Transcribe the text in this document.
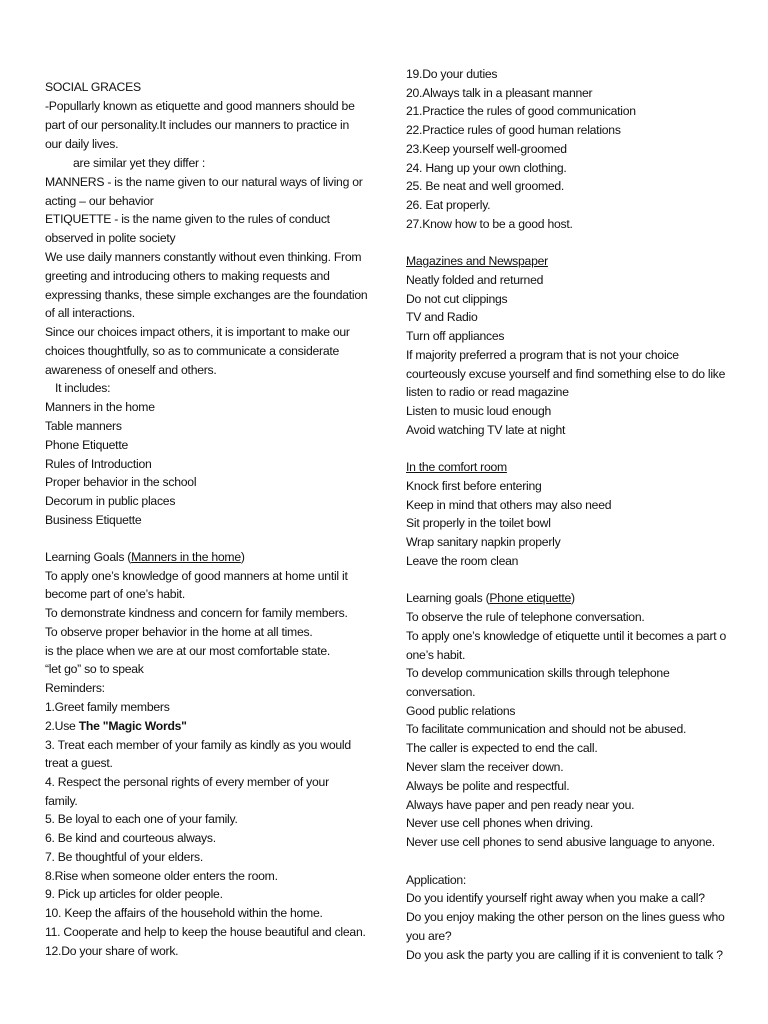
SOCIAL GRACES
-Popullarly known as etiquette and good manners should be
part of our personality.It includes our manners to practice in
our daily lives.
are similar yet they differ :
MANNERS - is the name given to our natural ways of living or
acting – our behavior
ETIQUETTE - is the name given to the rules of conduct
observed in polite society
We use daily manners constantly without even thinking. From
greeting and introducing others to making requests and
expressing thanks, these simple exchanges are the foundation
of all interactions.
Since our choices impact others, it is important to make our
choices thoughtfully, so as to communicate a considerate
awareness of oneself and others.
It includes:
Manners in the home
Table manners
Phone Etiquette
Rules of Introduction
Proper behavior in the school
Decorum in public places
Business Etiquette
Learning Goals (Manners in the home)
To apply one’s knowledge of good manners at home until it
become part of one’s habit.
To demonstrate kindness and concern for family members.
To observe proper behavior in the home at all times.
is the place when we are at our most comfortable state.
“let go” so to speak
Reminders:
1.Greet family members
2.Use The "Magic Words"
3. Treat each member of your family as kindly as you would
treat a guest.
4. Respect the personal rights of every member of your
family.
5. Be loyal to each one of your family.
6. Be kind and courteous always.
7. Be thoughtful of your elders.
8.Rise when someone older enters the room.
9. Pick up articles for older people.
10. Keep the affairs of the household within the home.
11. Cooperate and help to keep the house beautiful and clean.
12.Do your share of work.
19.Do your duties
20.Always talk in a pleasant manner
21.Practice the rules of good communication
22.Practice rules of good human relations
23.Keep yourself well-groomed
24. Hang up your own clothing.
25. Be neat and well groomed.
26. Eat properly.
27.Know how to be a good host.
Magazines and Newspaper
Neatly folded and returned
Do not cut clippings
TV and Radio
Turn off appliances
If majority preferred a program that is not your choice
courteously excuse yourself and find something else to do like
listen to radio or read magazine
Listen to music loud enough
Avoid watching TV late at night
In the comfort room
Knock first before entering
Keep in mind that others may also need
Sit properly in the toilet bowl
Wrap sanitary napkin properly
Leave the room clean
Learning goals (Phone etiquette)
To observe the rule of telephone conversation.
To apply one’s knowledge of etiquette until it becomes a part o
one’s habit.
To develop communication skills through telephone
conversation.
Good public relations
To facilitate communication and should not be abused.
The caller is expected to end the call.
Never slam the receiver down.
Always be polite and respectful.
Always have paper and pen ready near you.
Never use cell phones when driving.
Never use cell phones to send abusive language to anyone.
Application:
Do you identify yourself right away when you make a call?
Do you enjoy making the other person on the lines guess who
you are?
Do you ask the party you are calling if it is convenient to talk ?
